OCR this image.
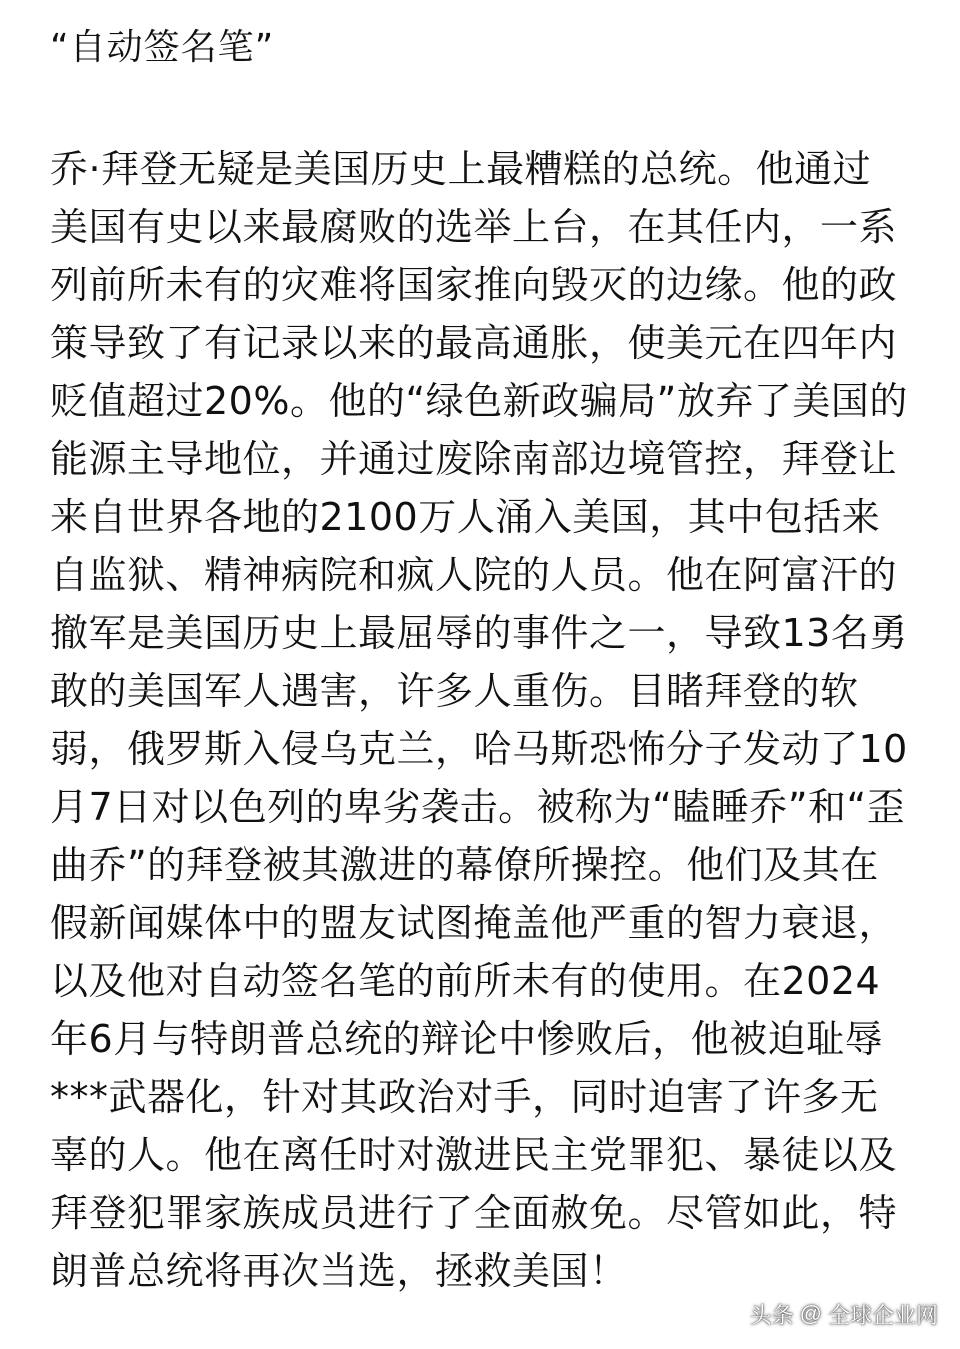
“自动签名笔”
乔·拜登无疑是美国历史上最糟糕的总统。他通过
美国有史以来最腐败的选举上台，在其任内，一系
列前所未有的灾难将国家推向毁灭的边缘。他的政
策导致了有记录以来的最高通胀，使美元在四年内
贬值超过20%。他的“绿色新政骗局”放弃了美国的
能源主导地位，并通过废除南部边境管控，拜登让
来自世界各地的2100万人涌入美国，其中包括来
自监狱、精神病院和疯人院的人员。他在阿富汗的
撤军是美国历史上最屈辱的事件之一，导致13名勇
敢的美国军人遇害，许多人重伤。目睹拜登的软
弱，俄罗斯入侵乌克兰，哈马斯恐怖分子发动了10
月7日对以色列的卑劣袭击。被称为“瞌睡乔”和“歪
曲乔”的拜登被其激进的幕僚所操控。他们及其在
假新闻媒体中的盟友试图掩盖他严重的智力衰退，
以及他对自动签名笔的前所未有的使用。在2024
年6月与特朗普总统的辩论中惨败后，他被迫耻辱
***武器化，针对其政治对手，同时迫害了许多无
辜的人。他在离任时对激进民主党罪犯、暴徒以及
拜登犯罪家族成员进行了全面赦免。尽管如此，特
朗普总统将再次当选，拯救美国！
头条 @ 全球企业网
